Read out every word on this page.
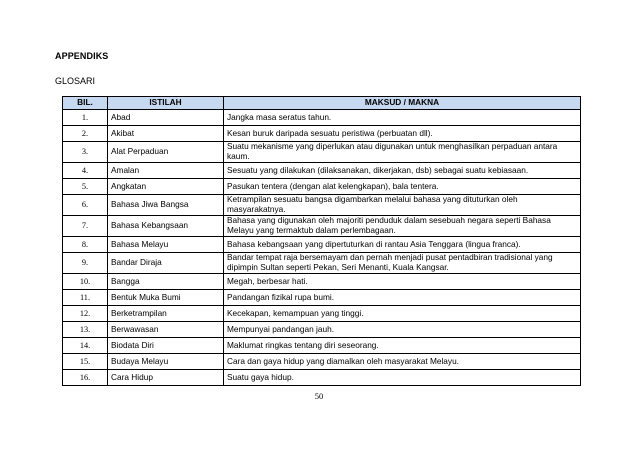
APPENDIKS
GLOSARI
BIL.	ISTILAH	MAKSUD / MAKNA
1.	Abad	Jangka masa seratus tahun.
2.	Akibat	Kesan buruk daripada sesuatu peristiwa (perbuatan dll).
3.	Alat Perpaduan	Suatu mekanisme yang diperlukan atau digunakan untuk menghasilkan perpaduan antara kaum.
4.	Amalan	Sesuatu yang dilakukan (dilaksanakan, dikerjakan, dsb) sebagai suatu kebiasaan.
5.	Angkatan	Pasukan tentera (dengan alat kelengkapan), bala tentera.
6.	Bahasa Jiwa Bangsa	Ketrampilan sesuatu bangsa digambarkan melalui bahasa yang dituturkan oleh masyarakatnya.
7.	Bahasa Kebangsaan	Bahasa yang digunakan oleh majoriti penduduk dalam sesebuah negara seperti Bahasa Melayu yang termaktub dalam perlembagaan.
8.	Bahasa Melayu	Bahasa kebangsaan yang dipertuturkan di rantau Asia Tenggara (lingua franca).
9.	Bandar Diraja	Bandar tempat raja bersemayam dan pernah menjadi pusat pentadbiran tradisional yang dipimpin Sultan seperti Pekan, Seri Menanti, Kuala Kangsar.
10.	Bangga	Megah, berbesar hati.
11.	Bentuk Muka Bumi	Pandangan fizikal rupa bumi.
12.	Berketrampilan	Kecekapan, kemampuan yang tinggi.
13.	Berwawasan	Mempunyai pandangan jauh.
14.	Biodata Diri	Maklumat ringkas tentang diri seseorang.
15.	Budaya Melayu	Cara dan gaya hidup yang diamalkan oleh masyarakat Melayu.
16.	Cara Hidup	Suatu gaya hidup.
50
